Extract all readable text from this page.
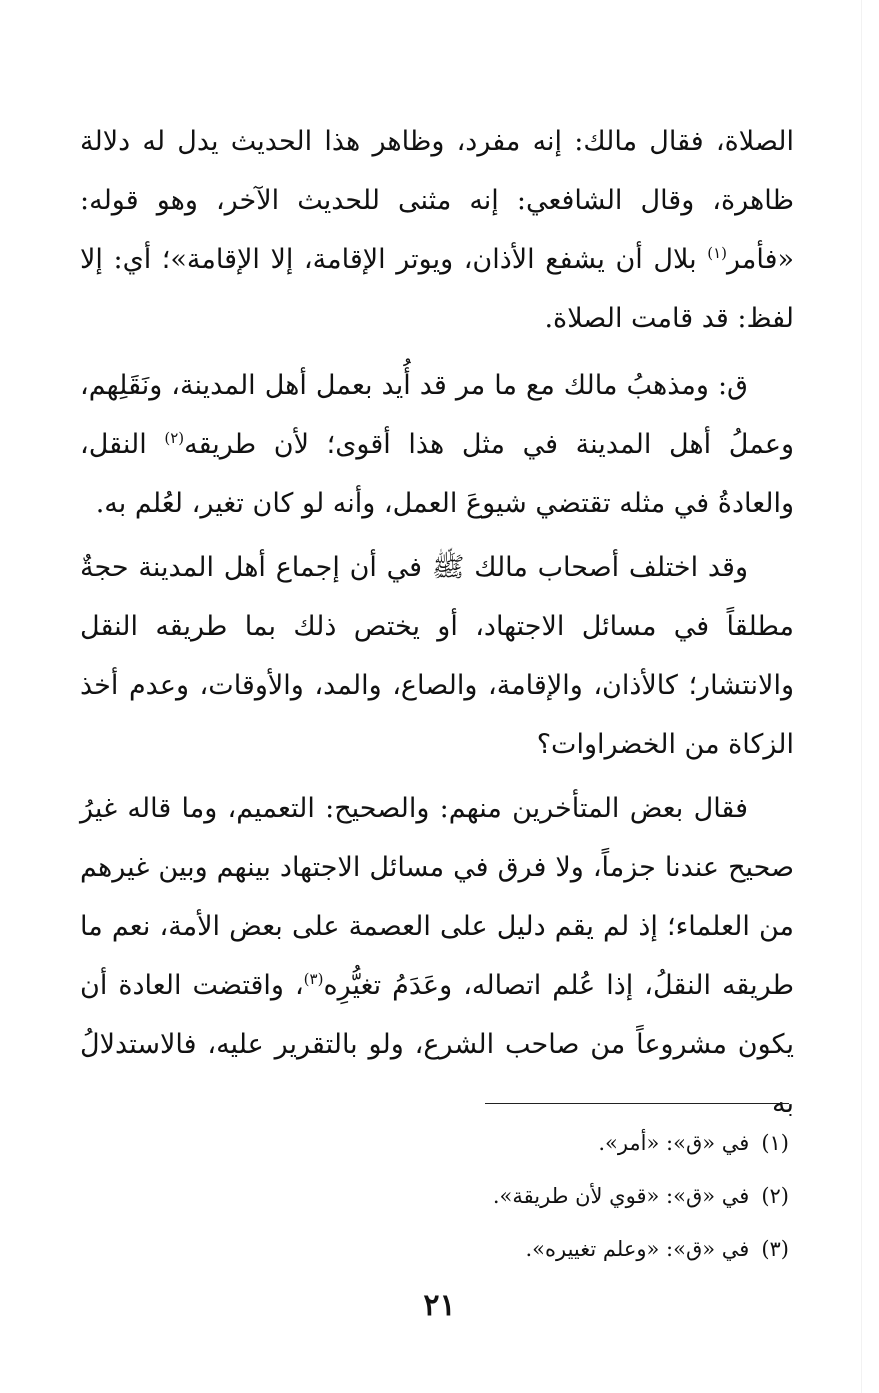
الصلاة، فقال مالك: إنه مفرد، وظاهر هذا الحديث يدل له دلالة ظاهرة، وقال الشافعي: إنه مثنى للحديث الآخر، وهو قوله: «فأمر$^{(١)}$ بلال أن يشفع الأذان، ويوتر الإقامة، إلا الإقامة»؛ أي: إلا لفظ: قد قامت الصلاة.

ق: ومذهبُ مالك مع ما مر قد أُيد بعمل أهل المدينة، ونَقَلِهم، وعملُ أهل المدينة في مثل هذا أقوى؛ لأن طريقه$^{(٢)}$ النقل، والعادةُ في مثله تقتضي شيوعَ العمل، وأنه لو كان تغير، لعُلم به.

وقد اختلف أصحاب مالك ﷺ في أن إجماع أهل المدينة حجةٌ مطلقاً في مسائل الاجتهاد، أو يختص ذلك بما طريقه النقل والانتشار؛ كالأذان، والإقامة، والصاع، والمد، والأوقات، وعدم أخذ الزكاة من الخضراوات؟

فقال بعض المتأخرين منهم: والصحيح: التعميم، وما قاله غيرُ صحيح عندنا جزماً، ولا فرق في مسائل الاجتهاد بينهم وبين غيرهم من العلماء؛ إذ لم يقم دليل على العصمة على بعض الأمة، نعم ما طريقه النقلُ، إذا عُلم اتصاله، وعَدَمُ تغيُّرِه$^{(٣)}$، واقتضت العادة أن يكون مشروعاً من صاحب الشرع، ولو بالتقرير عليه، فالاستدلالُ به

(١)في «ق»: «أمر».
(٢)في «ق»: «قوي لأن طريقة».
(٣)في «ق»: «وعلم تغييره».
٢١
